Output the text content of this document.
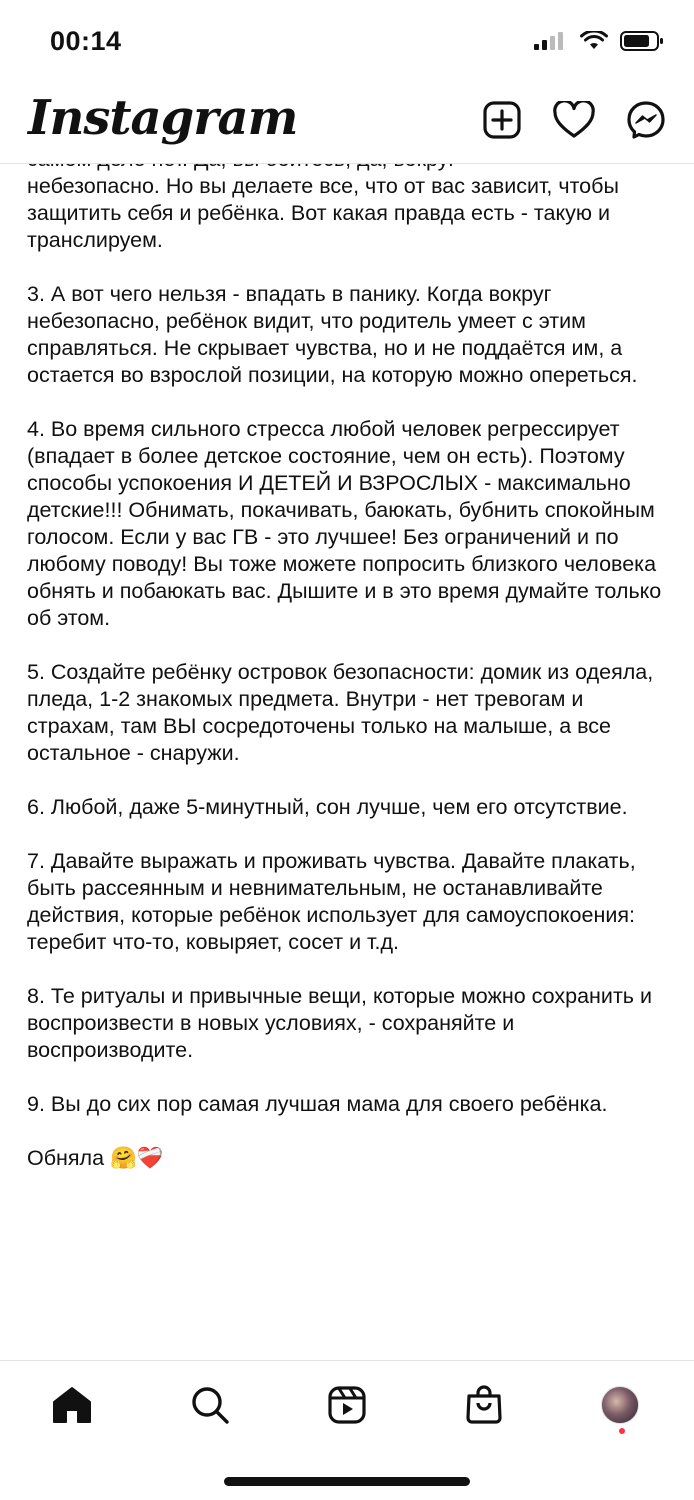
00:14
Instagram
небезопасно. Но вы делаете все, что от вас зависит, чтобы защитить себя и ребёнка. Вот какая правда есть - такую и транслируем.
3. А вот чего нельзя - впадать в панику. Когда вокруг небезопасно, ребёнок видит, что родитель умеет с этим справляться. Не скрывает чувства, но и не поддаётся им, а остается во взрослой позиции, на которую можно опереться.
4. Во время сильного стресса любой человек регрессирует (впадает в более детское состояние, чем он есть). Поэтому способы успокоения И ДЕТЕЙ И ВЗРОСЛЫХ - максимально детские!!! Обнимать, покачивать, баюкать, бубнить спокойным голосом. Если у вас ГВ - это лучшее! Без ограничений и по любому поводу! Вы тоже можете попросить близкого человека обнять и побаюкать вас. Дышите и в это время думайте только об этом.
5. Создайте ребёнку островок безопасности: домик из одеяла, пледа, 1-2 знакомых предмета. Внутри - нет тревогам и страхам, там ВЫ сосредоточены только на малыше, а все остальное - снаружи.
6. Любой, даже 5-минутный, сон лучше, чем его отсутствие.
7. Давайте выражать и проживать чувства. Давайте плакать, быть рассеянным и невнимательным, не останавливайте действия, которые ребёнок использует для самоуспокоения: теребит что-то, ковыряет, сосет и т.д.
8. Те ритуалы и привычные вещи, которые можно сохранить и воспроизвести в новых условиях, - сохраняйте и воспроизводите.
9. Вы до сих пор самая лучшая мама для своего ребёнка.
Обняла 🤗❤️‍🩹
